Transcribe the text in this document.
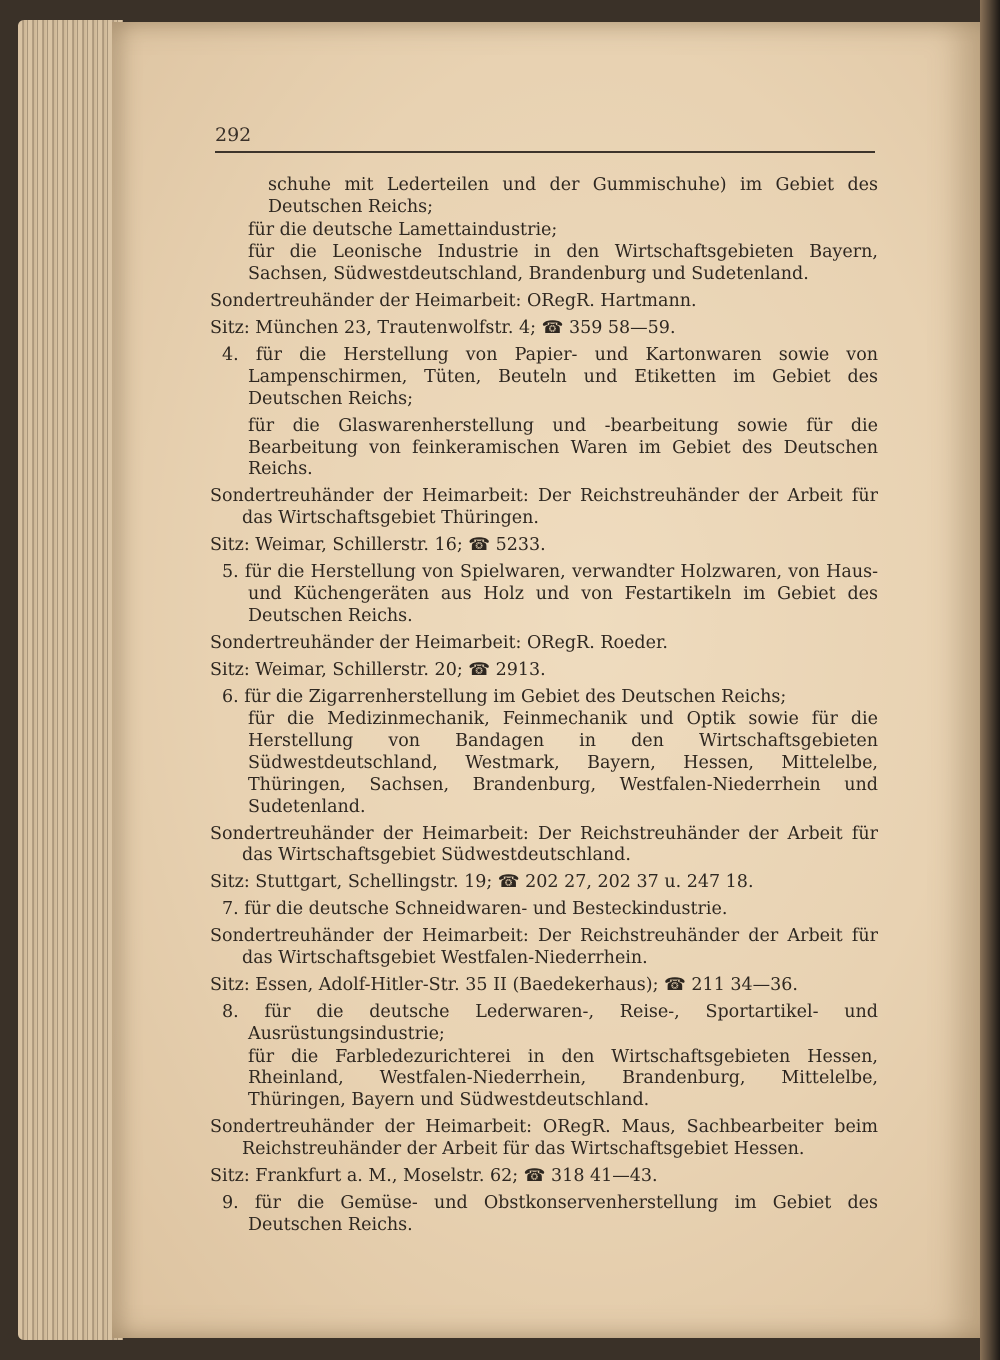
292

schuhe mit Lederteilen und der Gummischuhe) im Gebiet des Deutschen Reichs;

für die deutsche Lamettaindustrie;

für die Leonische Industrie in den Wirtschaftsgebieten Bayern, Sachsen, Südwestdeutschland, Brandenburg und Sudetenland.

Sondertreuhänder der Heimarbeit: ORegR. Hartmann.

Sitz: München 23, Trautenwolfstr. 4; ☎ 359 58—59.

4. für die Herstellung von Papier- und Kartonwaren sowie von Lampenschirmen, Tüten, Beuteln und Etiketten im Gebiet des Deutschen Reichs;

für die Glaswarenherstellung und -bearbeitung sowie für die Bearbeitung von feinkeramischen Waren im Gebiet des Deutschen Reichs.

Sondertreuhänder der Heimarbeit: Der Reichstreuhänder der Arbeit für das Wirtschaftsgebiet Thüringen.

Sitz: Weimar, Schillerstr. 16; ☎ 5233.

5. für die Herstellung von Spielwaren, verwandter Holzwaren, von Haus- und Küchengeräten aus Holz und von Festartikeln im Gebiet des Deutschen Reichs.

Sondertreuhänder der Heimarbeit: ORegR. Roeder.

Sitz: Weimar, Schillerstr. 20; ☎ 2913.

6. für die Zigarrenherstellung im Gebiet des Deutschen Reichs;

für die Medizinmechanik, Feinmechanik und Optik sowie für die Herstellung von Bandagen in den Wirtschaftsgebieten Südwestdeutschland, Westmark, Bayern, Hessen, Mittelelbe, Thüringen, Sachsen, Brandenburg, Westfalen-Niederrhein und Sudetenland.

Sondertreuhänder der Heimarbeit: Der Reichstreuhänder der Arbeit für das Wirtschaftsgebiet Südwestdeutschland.

Sitz: Stuttgart, Schellingstr. 19; ☎ 202 27, 202 37 u. 247 18.

7. für die deutsche Schneidwaren- und Besteckindustrie.

Sondertreuhänder der Heimarbeit: Der Reichstreuhänder der Arbeit für das Wirtschaftsgebiet Westfalen-Niederrhein.

Sitz: Essen, Adolf-Hitler-Str. 35 II (Baedekerhaus); ☎ 211 34—36.

8. für die deutsche Lederwaren-, Reise-, Sportartikel- und Ausrüstungsindustrie;

für die Farbledezurichterei in den Wirtschaftsgebieten Hessen, Rheinland, Westfalen-Niederrhein, Brandenburg, Mittelelbe, Thüringen, Bayern und Südwestdeutschland.

Sondertreuhänder der Heimarbeit: ORegR. Maus, Sachbearbeiter beim Reichstreuhänder der Arbeit für das Wirtschaftsgebiet Hessen.

Sitz: Frankfurt a. M., Moselstr. 62; ☎ 318 41—43.

9. für die Gemüse- und Obstkonservenherstellung im Gebiet des Deutschen Reichs.
